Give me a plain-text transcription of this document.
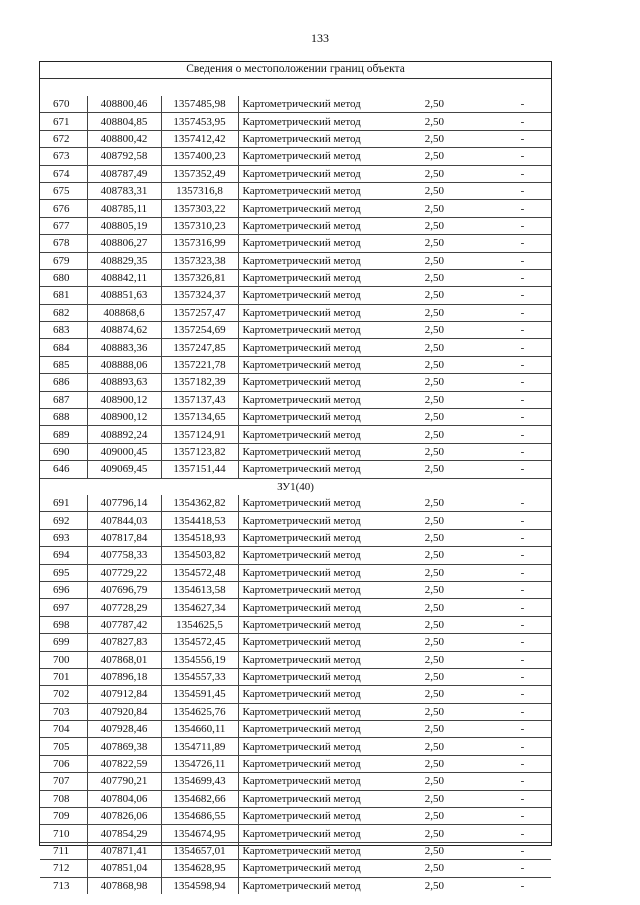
133
Сведения о местоположении границ объекта
670	408800,46	1357485,98	Картометрический метод	2,50	-
671	408804,85	1357453,95	Картометрический метод	2,50	-
672	408800,42	1357412,42	Картометрический метод	2,50	-
673	408792,58	1357400,23	Картометрический метод	2,50	-
674	408787,49	1357352,49	Картометрический метод	2,50	-
675	408783,31	1357316,8	Картометрический метод	2,50	-
676	408785,11	1357303,22	Картометрический метод	2,50	-
677	408805,19	1357310,23	Картометрический метод	2,50	-
678	408806,27	1357316,99	Картометрический метод	2,50	-
679	408829,35	1357323,38	Картометрический метод	2,50	-
680	408842,11	1357326,81	Картометрический метод	2,50	-
681	408851,63	1357324,37	Картометрический метод	2,50	-
682	408868,6	1357257,47	Картометрический метод	2,50	-
683	408874,62	1357254,69	Картометрический метод	2,50	-
684	408883,36	1357247,85	Картометрический метод	2,50	-
685	408888,06	1357221,78	Картометрический метод	2,50	-
686	408893,63	1357182,39	Картометрический метод	2,50	-
687	408900,12	1357137,43	Картометрический метод	2,50	-
688	408900,12	1357134,65	Картометрический метод	2,50	-
689	408892,24	1357124,91	Картометрический метод	2,50	-
690	409000,45	1357123,82	Картометрический метод	2,50	-
646	409069,45	1357151,44	Картометрический метод	2,50	-
ЗУ1(40)					
691	407796,14	1354362,82	Картометрический метод	2,50	-
692	407844,03	1354418,53	Картометрический метод	2,50	-
693	407817,84	1354518,93	Картометрический метод	2,50	-
694	407758,33	1354503,82	Картометрический метод	2,50	-
695	407729,22	1354572,48	Картометрический метод	2,50	-
696	407696,79	1354613,58	Картометрический метод	2,50	-
697	407728,29	1354627,34	Картометрический метод	2,50	-
698	407787,42	1354625,5	Картометрический метод	2,50	-
699	407827,83	1354572,45	Картометрический метод	2,50	-
700	407868,01	1354556,19	Картометрический метод	2,50	-
701	407896,18	1354557,33	Картометрический метод	2,50	-
702	407912,84	1354591,45	Картометрический метод	2,50	-
703	407920,84	1354625,76	Картометрический метод	2,50	-
704	407928,46	1354660,11	Картометрический метод	2,50	-
705	407869,38	1354711,89	Картометрический метод	2,50	-
706	407822,59	1354726,11	Картометрический метод	2,50	-
707	407790,21	1354699,43	Картометрический метод	2,50	-
708	407804,06	1354682,66	Картометрический метод	2,50	-
709	407826,06	1354686,55	Картометрический метод	2,50	-
710	407854,29	1354674,95	Картометрический метод	2,50	-
711	407871,41	1354657,01	Картометрический метод	2,50	-
712	407851,04	1354628,95	Картометрический метод	2,50	-
713	407868,98	1354598,94	Картометрический метод	2,50	-
